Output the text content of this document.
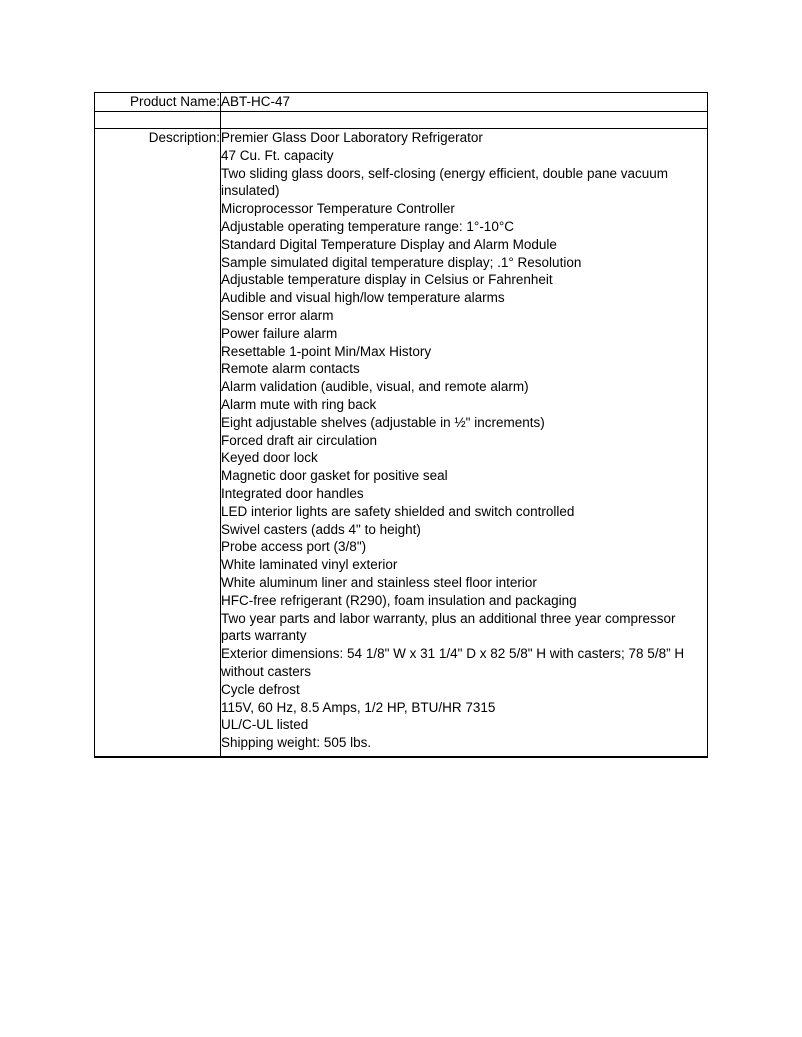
Product Name:	ABT-HC-47

Description:	Premier Glass Door Laboratory Refrigerator
47 Cu. Ft. capacity
Two sliding glass doors, self-closing (energy efficient, double pane vacuum insulated)
Microprocessor Temperature Controller
Adjustable operating temperature range: 1°-10°C
Standard Digital Temperature Display and Alarm Module
Sample simulated digital temperature display; .1° Resolution
Adjustable temperature display in Celsius or Fahrenheit
Audible and visual high/low temperature alarms
Sensor error alarm
Power failure alarm
Resettable 1-point Min/Max History
Remote alarm contacts
Alarm validation (audible, visual, and remote alarm)
Alarm mute with ring back
Eight adjustable shelves (adjustable in ½" increments)
Forced draft air circulation
Keyed door lock
Magnetic door gasket for positive seal
Integrated door handles
LED interior lights are safety shielded and switch controlled
Swivel casters (adds 4" to height)
Probe access port (3/8")
White laminated vinyl exterior
White aluminum liner and stainless steel floor interior
HFC-free refrigerant (R290), foam insulation and packaging
Two year parts and labor warranty, plus an additional three year compressor parts warranty
Exterior dimensions: 54 1/8" W x 31 1/4" D x 82 5/8" H with casters; 78 5/8” H without casters
Cycle defrost
115V, 60 Hz, 8.5 Amps, 1/2 HP, BTU/HR 7315
UL/C-UL listed
Shipping weight: 505 lbs.
